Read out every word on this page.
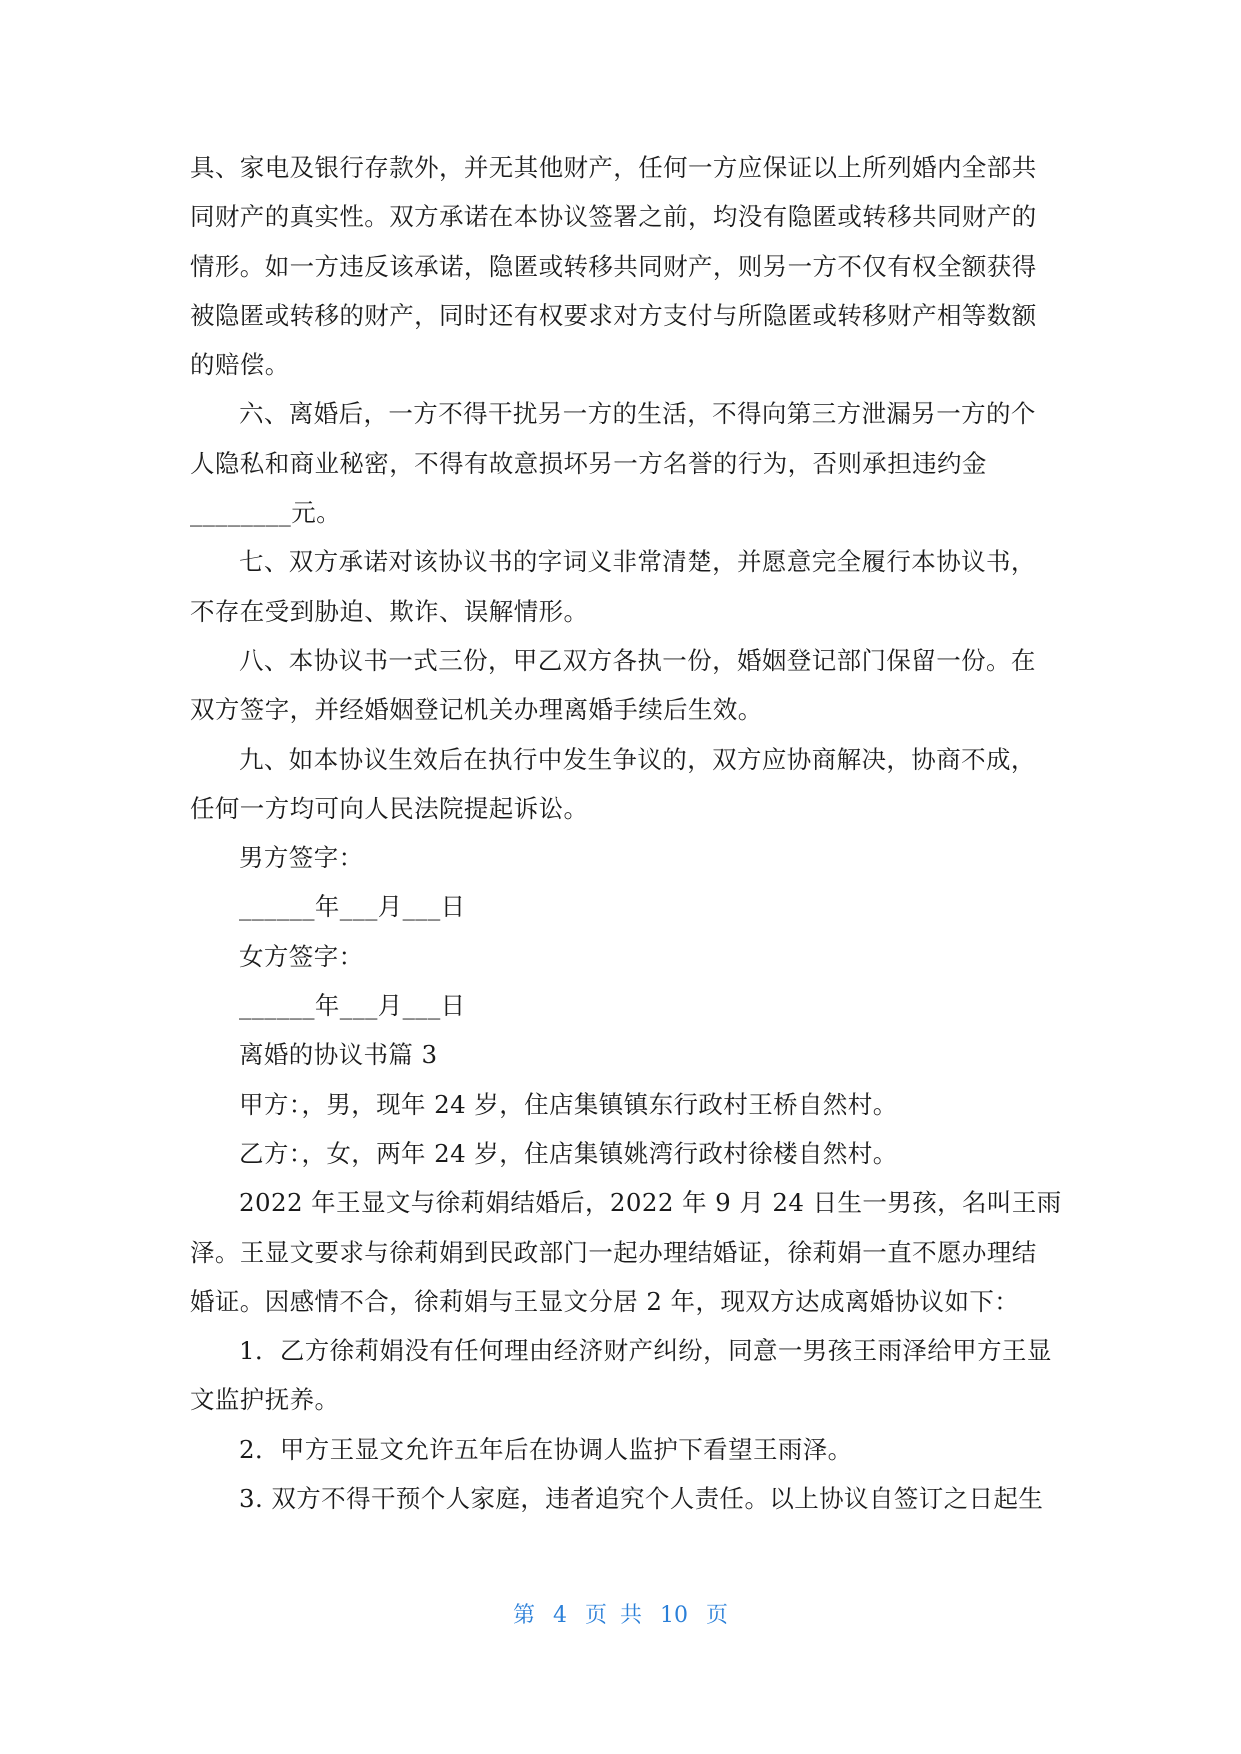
具、家电及银行存款外，并无其他财产，任何一方应保证以上所列婚内全部共
同财产的真实性。双方承诺在本协议签署之前，均没有隐匿或转移共同财产的
情形。如一方违反该承诺，隐匿或转移共同财产，则另一方不仅有权全额获得
被隐匿或转移的财产，同时还有权要求对方支付与所隐匿或转移财产相等数额
的赔偿。
六、离婚后，一方不得干扰另一方的生活，不得向第三方泄漏另一方的个
人隐私和商业秘密，不得有故意损坏另一方名誉的行为，否则承担违约金
________元。
七、双方承诺对该协议书的字词义非常清楚，并愿意完全履行本协议书，
不存在受到胁迫、欺诈、误解情形。
八、本协议书一式三份，甲乙双方各执一份，婚姻登记部门保留一份。在
双方签字，并经婚姻登记机关办理离婚手续后生效。
九、如本协议生效后在执行中发生争议的，双方应协商解决，协商不成，
任何一方均可向人民法院提起诉讼。
男方签字：
______年___月___日
女方签字：
______年___月___日
离婚的协议书篇 3
甲方：，男，现年 24 岁，住店集镇镇东行政村王桥自然村。
乙方：，女，两年 24 岁，住店集镇姚湾行政村徐楼自然村。
2022 年王显文与徐莉娟结婚后，2022 年 9 月 24 日生一男孩，名叫王雨
泽。王显文要求与徐莉娟到民政部门一起办理结婚证，徐莉娟一直不愿办理结
婚证。因感情不合，徐莉娟与王显文分居 2 年，现双方达成离婚协议如下：
1．乙方徐莉娟没有任何理由经济财产纠纷，同意一男孩王雨泽给甲方王显
文监护抚养。
2．甲方王显文允许五年后在协调人监护下看望王雨泽。
3. 双方不得干预个人家庭，违者追究个人责任。以上协议自签订之日起生
第 4 页 共 10 页
